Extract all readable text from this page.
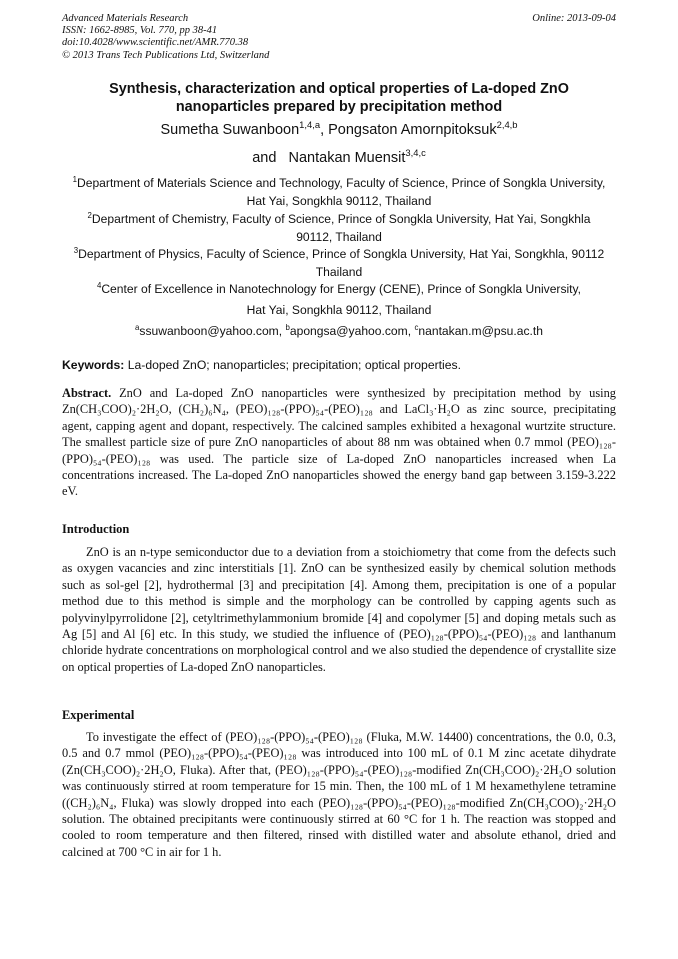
Advanced Materials Research
ISSN: 1662-8985, Vol. 770, pp 38-41
doi:10.4028/www.scientific.net/AMR.770.38
© 2013 Trans Tech Publications Ltd, Switzerland
Online: 2013-09-04
Synthesis, characterization and optical properties of La-doped ZnO nanoparticles prepared by precipitation method
Sumetha Suwanboon$^{1,4,a}$, Pongsaton Amornpitoksuk$^{2,4,b}$
and Nantakan Muensit$^{3,4,c}$
$^1$Department of Materials Science and Technology, Faculty of Science, Prince of Songkla University, Hat Yai, Songkhla 90112, Thailand
$^2$Department of Chemistry, Faculty of Science, Prince of Songkla University, Hat Yai, Songkhla 90112, Thailand
$^3$Department of Physics, Faculty of Science, Prince of Songkla University, Hat Yai, Songkhla, 90112 Thailand
$^4$Center of Excellence in Nanotechnology for Energy (CENE), Prince of Songkla University,
Hat Yai, Songkhla 90112, Thailand
$^a$ssuwanboon@yahoo.com, $^b$apongsa@yahoo.com, $^c$nantakan.m@psu.ac.th
Keywords: La-doped ZnO; nanoparticles; precipitation; optical properties.
Abstract. ZnO and La-doped ZnO nanoparticles were synthesized by precipitation method by using Zn(CH₃COO)₂·2H₂O, (CH₂)₆N₄, (PEO)₁₂₈-(PPO)₅₄-(PEO)₁₂₈ and LaCl₃·H₂O as zinc source, precipitating agent, capping agent and dopant, respectively. The calcined samples exhibited a hexagonal wurtzite structure. The smallest particle size of pure ZnO nanoparticles of about 88 nm was obtained when 0.7 mmol (PEO)₁₂₈-(PPO)₅₄-(PEO)₁₂₈ was used. The particle size of La-doped ZnO nanoparticles increased when La concentrations increased. The La-doped ZnO nanoparticles showed the energy band gap between 3.159-3.222 eV.
Introduction
ZnO is an n-type semiconductor due to a deviation from a stoichiometry that come from the defects such as oxygen vacancies and zinc interstitials [1]. ZnO can be synthesized easily by chemical solution methods such as sol-gel [2], hydrothermal [3] and precipitation [4]. Among them, precipitation is one of a popular method due to this method is simple and the morphology can be controlled by capping agents such as polyvinylpyrrolidone [2], cetyltrimethylammonium bromide [4] and copolymer [5] and doping metals such as Ag [5] and Al [6] etc. In this study, we studied the influence of (PEO)₁₂₈-(PPO)₅₄-(PEO)₁₂₈ and lanthanum chloride hydrate concentrations on morphological control and we also studied the dependence of crystallite size on optical properties of La-doped ZnO nanoparticles.
Experimental
To investigate the effect of (PEO)₁₂₈-(PPO)₅₄-(PEO)₁₂₈ (Fluka, M.W. 14400) concentrations, the 0.0, 0.3, 0.5 and 0.7 mmol (PEO)₁₂₈-(PPO)₅₄-(PEO)₁₂₈ was introduced into 100 mL of 0.1 M zinc acetate dihydrate (Zn(CH₃COO)₂·2H₂O, Fluka). After that, (PEO)₁₂₈-(PPO)₅₄-(PEO)₁₂₈-modified Zn(CH₃COO)₂·2H₂O solution was continuously stirred at room temperature for 15 min. Then, the 100 mL of 1 M hexamethylene tetramine ((CH₂)₆N₄, Fluka) was slowly dropped into each (PEO)₁₂₈-(PPO)₅₄-(PEO)₁₂₈-modified Zn(CH₃COO)₂·2H₂O solution. The obtained precipitants were continuously stirred at 60 °C for 1 h. The reaction was stopped and cooled to room temperature and then filtered, rinsed with distilled water and absolute ethanol, dried and calcined at 700 °C in air for 1 h.
